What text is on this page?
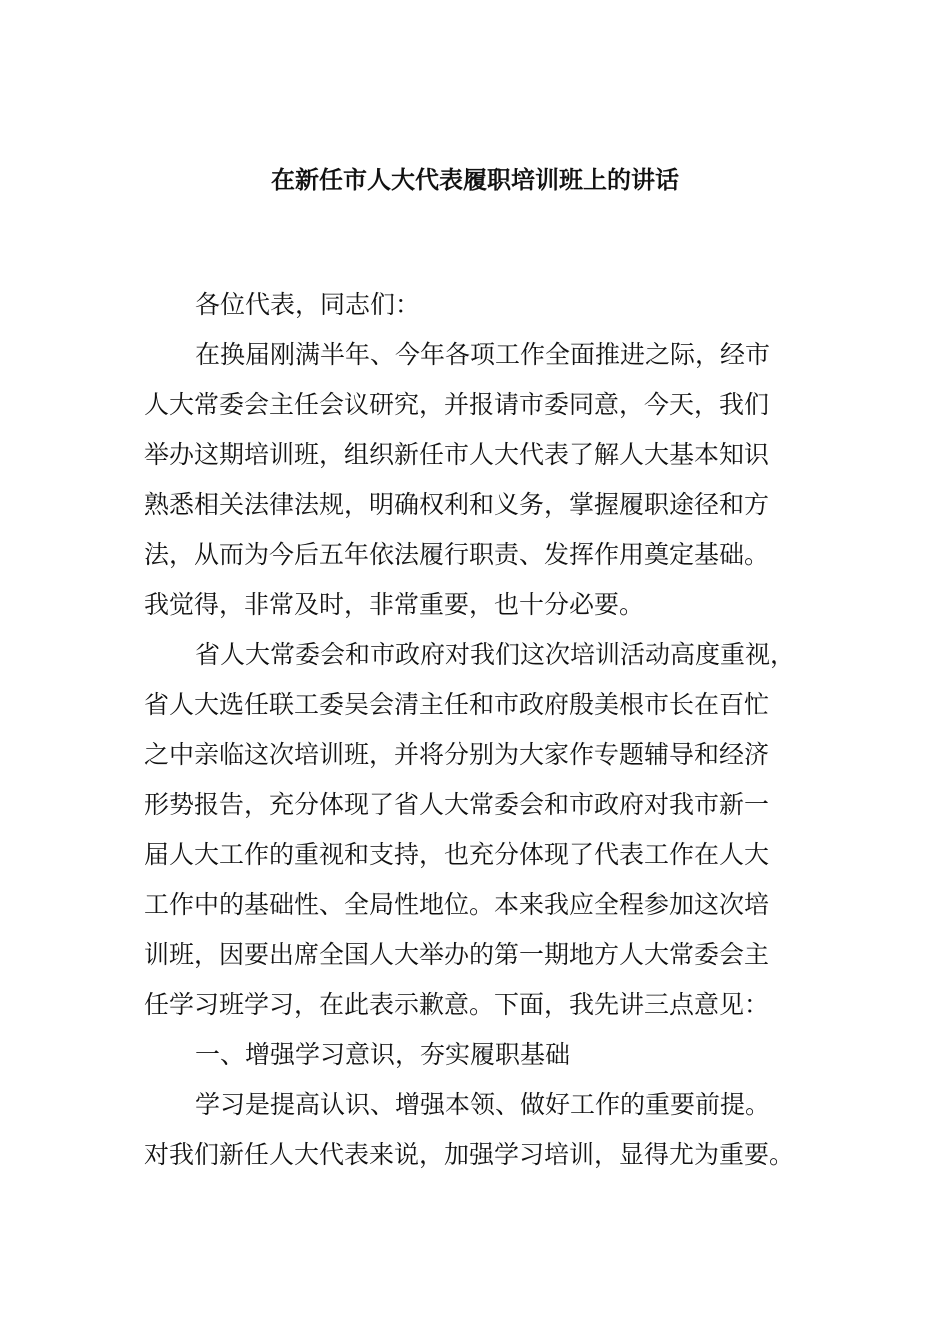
在新任市人大代表履职培训班上的讲话
各位代表，同志们：
在换届刚满半年、今年各项工作全面推进之际，经市
人大常委会主任会议研究，并报请市委同意，今天，我们
举办这期培训班，组织新任市人大代表了解人大基本知识
熟悉相关法律法规，明确权利和义务，掌握履职途径和方
法，从而为今后五年依法履行职责、发挥作用奠定基础。
我觉得，非常及时，非常重要，也十分必要。
省人大常委会和市政府对我们这次培训活动高度重视，
省人大选任联工委吴会清主任和市政府殷美根市长在百忙
之中亲临这次培训班，并将分别为大家作专题辅导和经济
形势报告，充分体现了省人大常委会和市政府对我市新一
届人大工作的重视和支持，也充分体现了代表工作在人大
工作中的基础性、全局性地位。本来我应全程参加这次培
训班，因要出席全国人大举办的第一期地方人大常委会主
任学习班学习，在此表示歉意。下面，我先讲三点意见：
一、增强学习意识，夯实履职基础
学习是提高认识、增强本领、做好工作的重要前提。
对我们新任人大代表来说，加强学习培训，显得尤为重要。
